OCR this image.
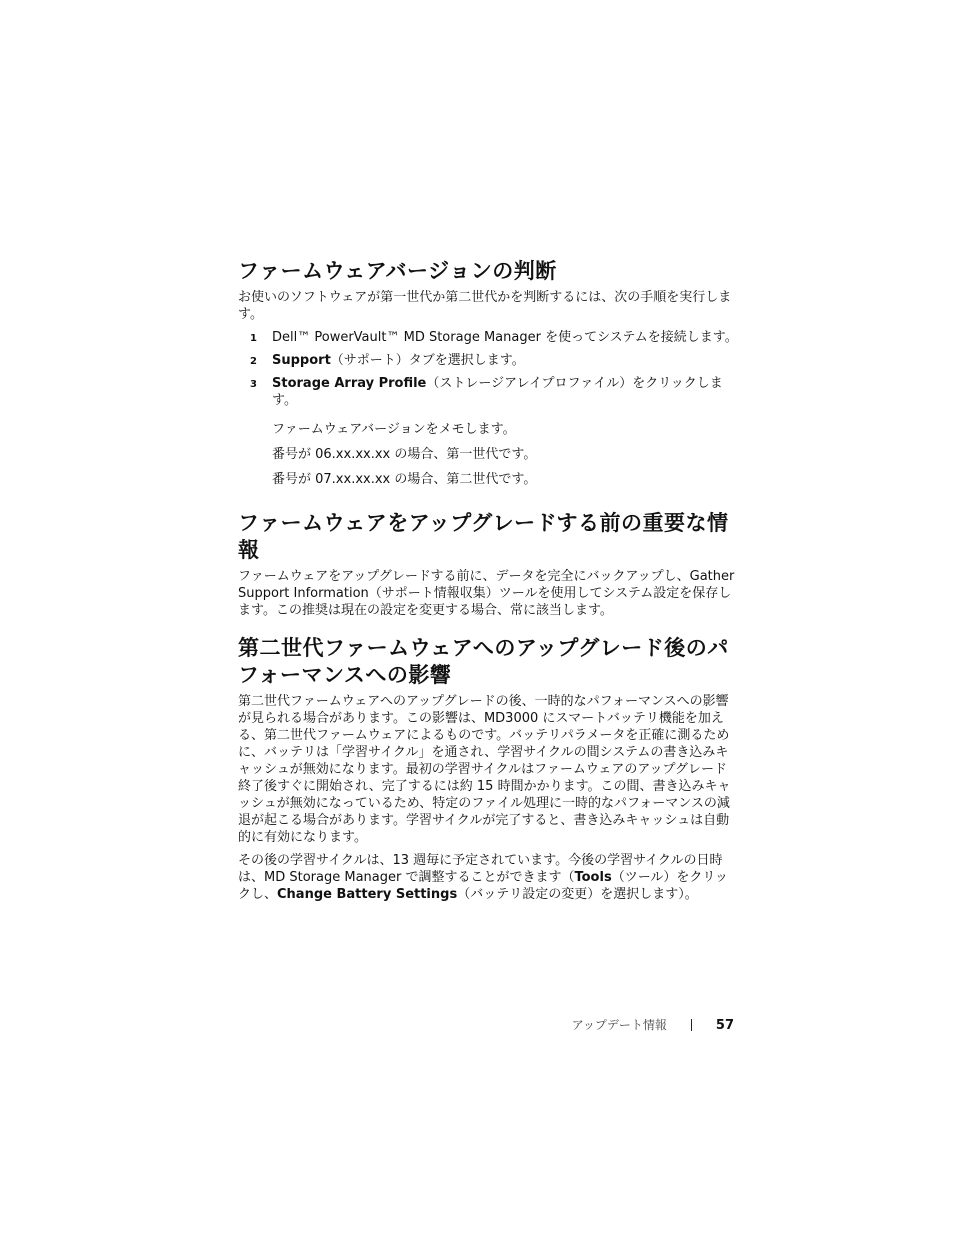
ファームウェアバージョンの判断

お使いのソフトウェアが第一世代か第二世代かを判断するには、次の手順を実行します。

1 Dell™ PowerVault™ MD Storage Manager を使ってシステムを接続します。
2 Support（サポート）タブを選択します。
3 Storage Array Profile（ストレージアレイプロファイル）をクリックします。

ファームウェアバージョンをメモします。

番号が 06.xx.xx.xx の場合、第一世代です。

番号が 07.xx.xx.xx の場合、第二世代です。

ファームウェアをアップグレードする前の重要な情報

ファームウェアをアップグレードする前に、データを完全にバックアップし、Gather Support Information（サポート情報収集）ツールを使用してシステム設定を保存します。この推奨は現在の設定を変更する場合、常に該当します。

第二世代ファームウェアへのアップグレード後のパフォーマンスへの影響

第二世代ファームウェアへのアップグレードの後、一時的なパフォーマンスへの影響が見られる場合があります。この影響は、MD3000 にスマートバッテリ機能を加える、第二世代ファームウェアによるものです。バッテリパラメータを正確に測るために、バッテリは「学習サイクル」を通され、学習サイクルの間システムの書き込みキャッシュが無効になります。最初の学習サイクルはファームウェアのアップグレード終了後すぐに開始され、完了するには約 15 時間かかります。この間、書き込みキャッシュが無効になっているため、特定のファイル処理に一時的なパフォーマンスの減退が起こる場合があります。学習サイクルが完了すると、書き込みキャッシュは自動的に有効になります。

その後の学習サイクルは、13 週毎に予定されています。今後の学習サイクルの日時は、MD Storage Manager で調整することができます（Tools（ツール）をクリックし、Change Battery Settings（バッテリ設定の変更）を選択します）。

アップデート情報	57
